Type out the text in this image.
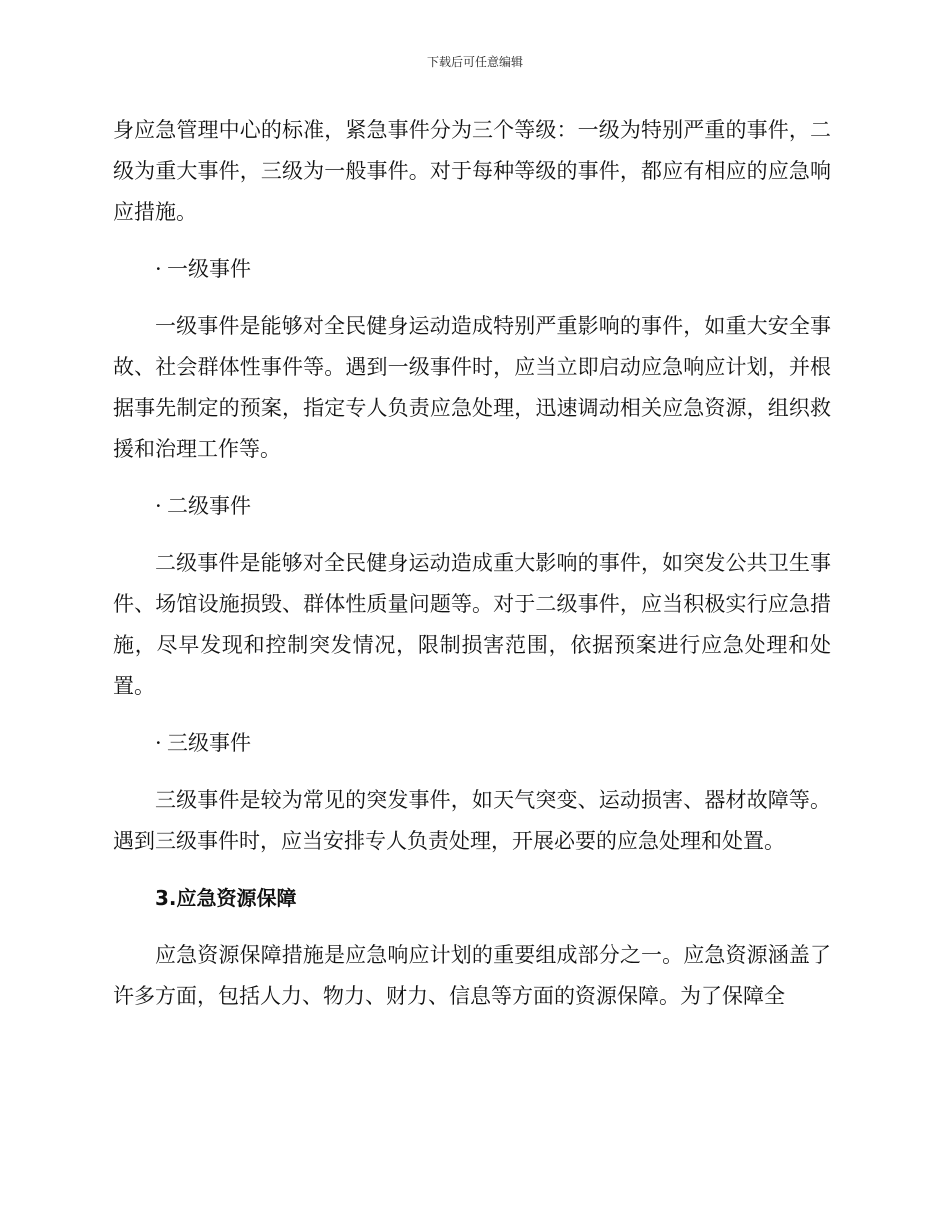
下载后可任意编辑

身应急管理中心的标准，紧急事件分为三个等级：一级为特别严重的事件，二级为重大事件，三级为一般事件。对于每种等级的事件，都应有相应的应急响应措施。

· 一级事件

一级事件是能够对全民健身运动造成特别严重影响的事件，如重大安全事故、社会群体性事件等。遇到一级事件时，应当立即启动应急响应计划，并根据事先制定的预案，指定专人负责应急处理，迅速调动相关应急资源，组织救援和治理工作等。

· 二级事件

二级事件是能够对全民健身运动造成重大影响的事件，如突发公共卫生事件、场馆设施损毁、群体性质量问题等。对于二级事件，应当积极实行应急措施，尽早发现和控制突发情况，限制损害范围，依据预案进行应急处理和处置。

· 三级事件

三级事件是较为常见的突发事件，如天气突变、运动损害、器材故障等。遇到三级事件时，应当安排专人负责处理，开展必要的应急处理和处置。

3.应急资源保障

应急资源保障措施是应急响应计划的重要组成部分之一。应急资源涵盖了许多方面，包括人力、物力、财力、信息等方面的资源保障。为了保障全
